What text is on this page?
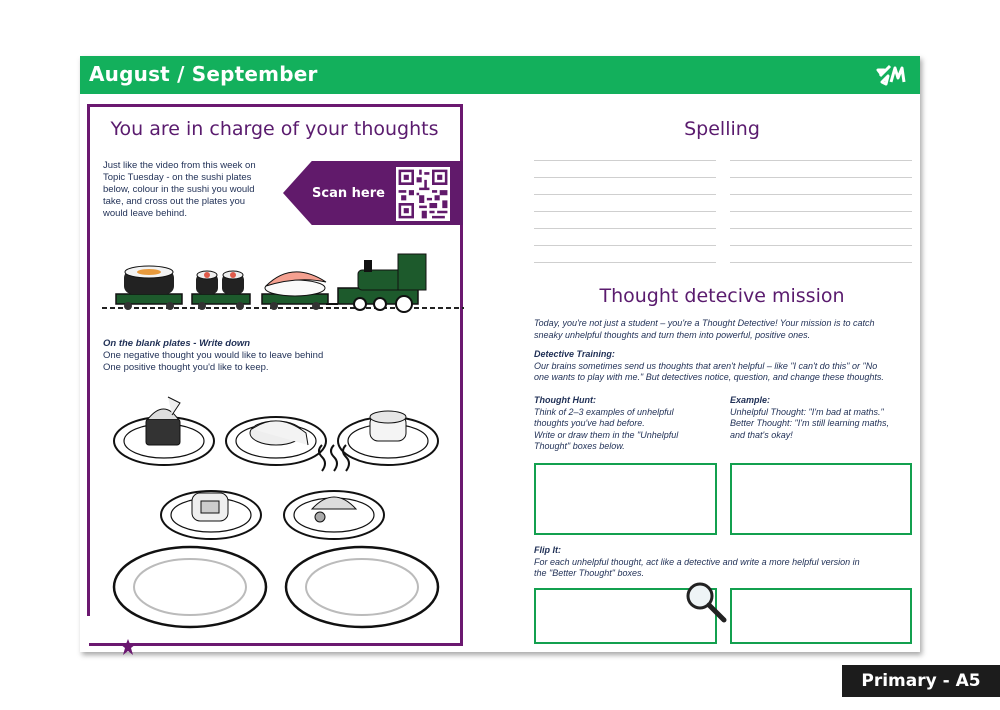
August / September
You are in charge of your thoughts
Just like the video from this week on
Topic Tuesday - on the sushi plates
below, colour in the sushi you would
take, and cross out the plates you
would leave behind.
Scan here
On the blank plates - Write down
One negative thought you would like to leave behind
One positive thought you'd like to keep.
Spelling
Thought detecive mission
Today, you're not just a student – you're a Thought Detective! Your mission is to catch
sneaky unhelpful thoughts and turn them into powerful, positive ones.
Detective Training:
Our brains sometimes send us thoughts that aren't helpful – like "I can't do this" or "No
one wants to play with me." But detectives notice, question, and change these thoughts.
Thought Hunt:
Think of 2–3 examples of unhelpful
thoughts you've had before.
Write or draw them in the "Unhelpful
Thought" boxes below.
Example:
Unhelpful Thought: "I'm bad at maths."
Better Thought: "I'm still learning maths,
and that's okay!
Flip It:
For each unhelpful thought, act like a detective and write a more helpful version in
the "Better Thought" boxes.
Primary - A5
